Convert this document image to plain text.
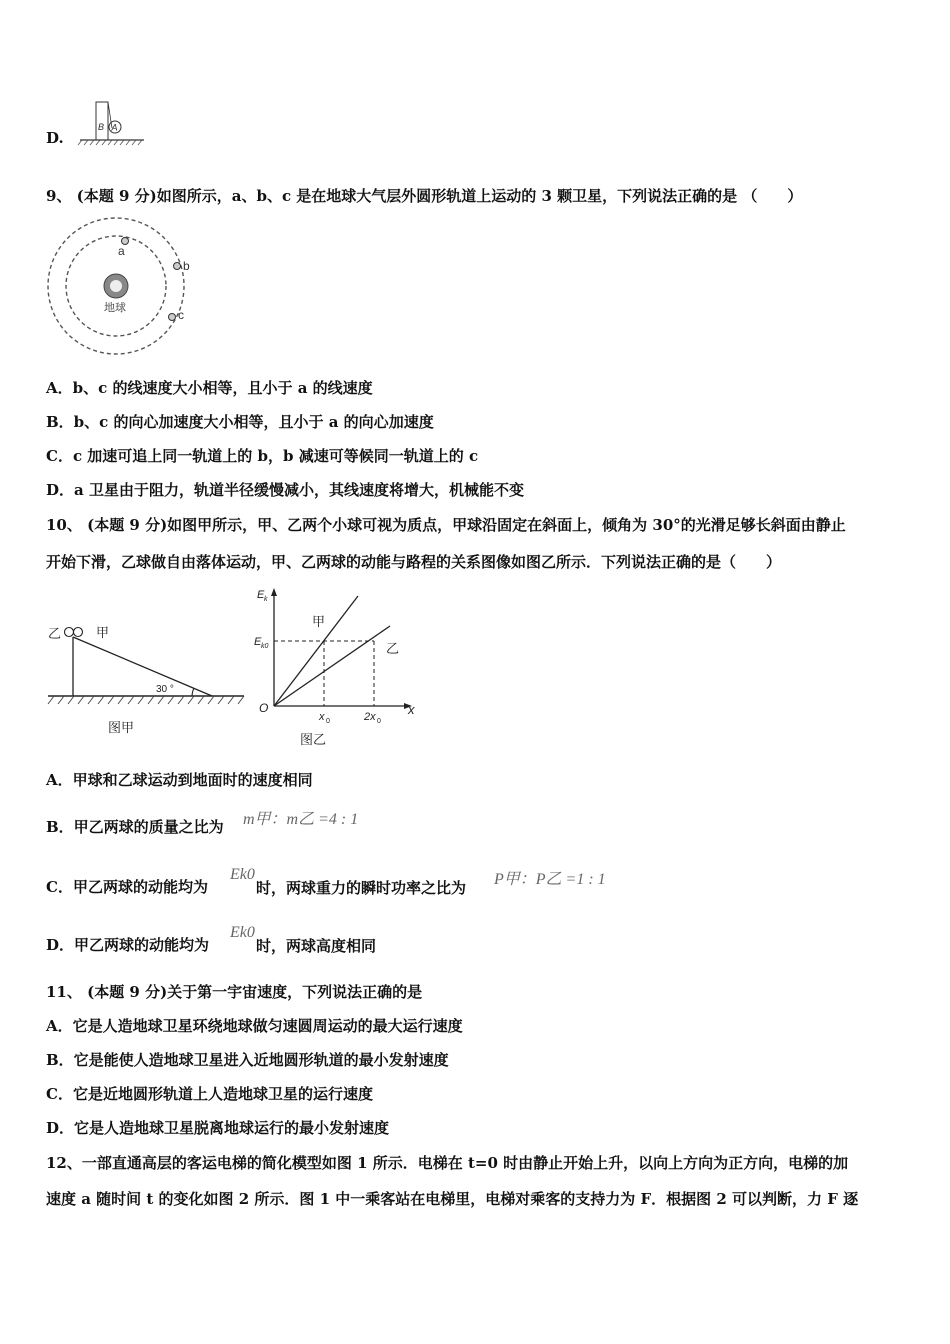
D.
B A
9、 (本题 9 分)如图所示，a、b、c 是在地球大气层外圆形轨道上运动的 3 颗卫星，下列说法正确的是 （　　）
地球
a
b
c
A．b、c 的线速度大小相等，且小于 a 的线速度
B．b、c 的向心加速度大小相等，且小于 a 的向心加速度
C．c 加速可追上同一轨道上的 b，b 减速可等候同一轨道上的 c
D．a 卫星由于阻力，轨道半径缓慢减小，其线速度将增大，机械能不变
10、 (本题 9 分)如图甲所示，甲、乙两个小球可视为质点，甲球沿固定在斜面上，倾角为 30°的光滑足够长斜面由静止
开始下滑，乙球做自由落体运动，甲、乙两球的动能与路程的关系图像如图乙所示．下列说法正确的是（　　）
乙	甲
30 °
图甲
E k
E k0
甲
乙
O	x
x 0	2x 0
图乙
A．甲球和乙球运动到地面时的速度相同
B．甲乙两球的质量之比为 m甲：m乙 =4 : 1
C．甲乙两球的动能均为
Ek0
时，两球重力的瞬时功率之比为 P甲：P乙 =1 : 1
D．甲乙两球的动能均为
Ek0
时，两球高度相同
11、 (本题 9 分)关于第一宇宙速度，下列说法正确的是
A．它是人造地球卫星环绕地球做匀速圆周运动的最大运行速度
B．它是能使人造地球卫星进入近地圆形轨道的最小发射速度
C．它是近地圆形轨道上人造地球卫星的运行速度
D．它是人造地球卫星脱离地球运行的最小发射速度
12、一部直通高层的客运电梯的简化模型如图 1 所示．电梯在 t=0 时由静止开始上升，以向上方向为正方向，电梯的加
速度 a 随时间 t 的变化如图 2 所示．图 1 中一乘客站在电梯里，电梯对乘客的支持力为 F．根据图 2 可以判断，力 F 逐
